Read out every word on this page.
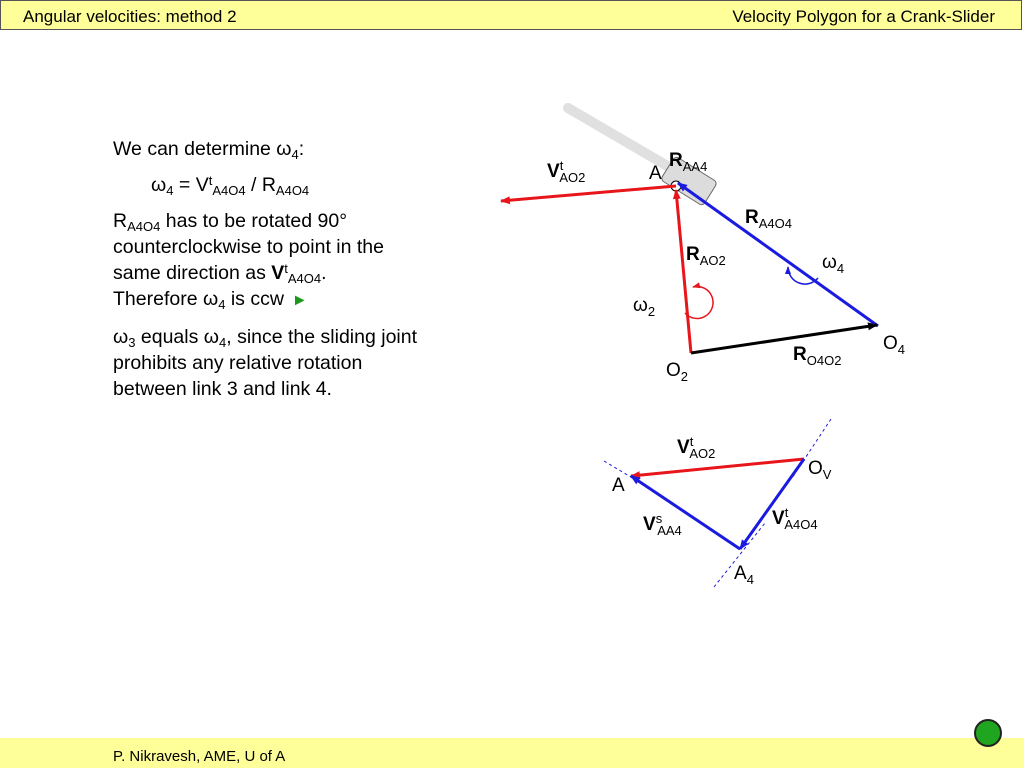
Angular velocities: method 2	Velocity Polygon for a Crank-Slider

We can determine $\omega_4$:

$\omega_4 = V^t_{A4O4} / R_{A4O4}$

$R_{A4O4}$ has to be rotated 90° counterclockwise to point in the same direction as $V^t_{A4O4}$.
Therefore $\omega_4$ is ccw ►

$\omega_3$ equals $\omega_4$, since the sliding joint prohibits any relative rotation between link 3 and link 4.

A
$R_{AA4}$
$R_{A4O4}$
$R_{AO2}$
$R_{O4O2}$
$V^t$ AO2
$\omega_2$
$\omega_4$
$O_4$
$O_2$
$O_V$
A
$A_4$
$V^t$ AO2
$V^s$ AA4
$V^t$ A4O4
P. Nikravesh, AME, U of A
